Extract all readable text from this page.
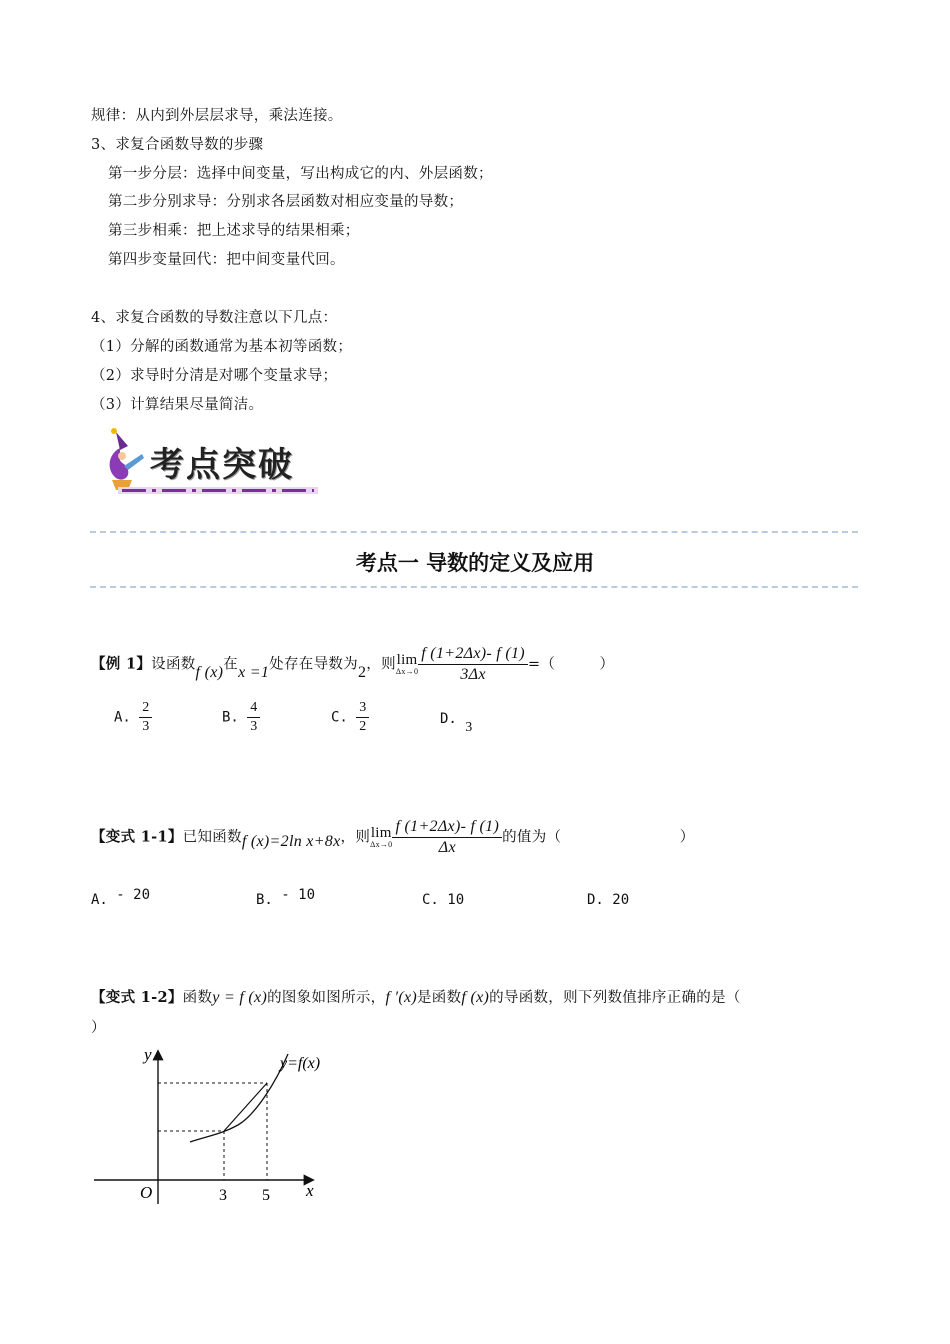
规律：从内到外层层求导，乘法连接。
3、求复合函数导数的步骤
第一步分层：选择中间变量，写出构成它的内、外层函数；
第二步分别求导：分别求各层函数对相应变量的导数；
第三步相乘：把上述求导的结果相乘；
第四步变量回代：把中间变量代回。
4、求复合函数的导数注意以下几点：
（1）分解的函数通常为基本初等函数；
（2）求导时分清是对哪个变量求导；
（3）计算结果尽量简洁。
考点突破
考点一 导数的定义及应用
【例 1】设函数f (x)在x =1处存在导数为2，则lim
$\Delta x\to 0 \frac{f (1+2\Delta x)- f (1)}{3\Delta x}$ =（　　　）
A. $\frac{2}{3}$	B. $\frac{4}{3}$	C. $\frac{3}{2}$	D. 3
【变式 1-1】已知函数f (x)=2ln x+8x，则lim
$\Delta x\to 0 \frac{f (1+2\Delta x)- f (1)}{\Delta x}$ 的值为（　　　　　　　　）
A. - 20	B. - 10	C. 10	D. 20
【变式 1-2】函数y = f (x)的图象如图所示，f ′(x)是函数f (x)的导函数，则下列数值排序正确的是（
）
y
x
O	3 5
y=f(x)
